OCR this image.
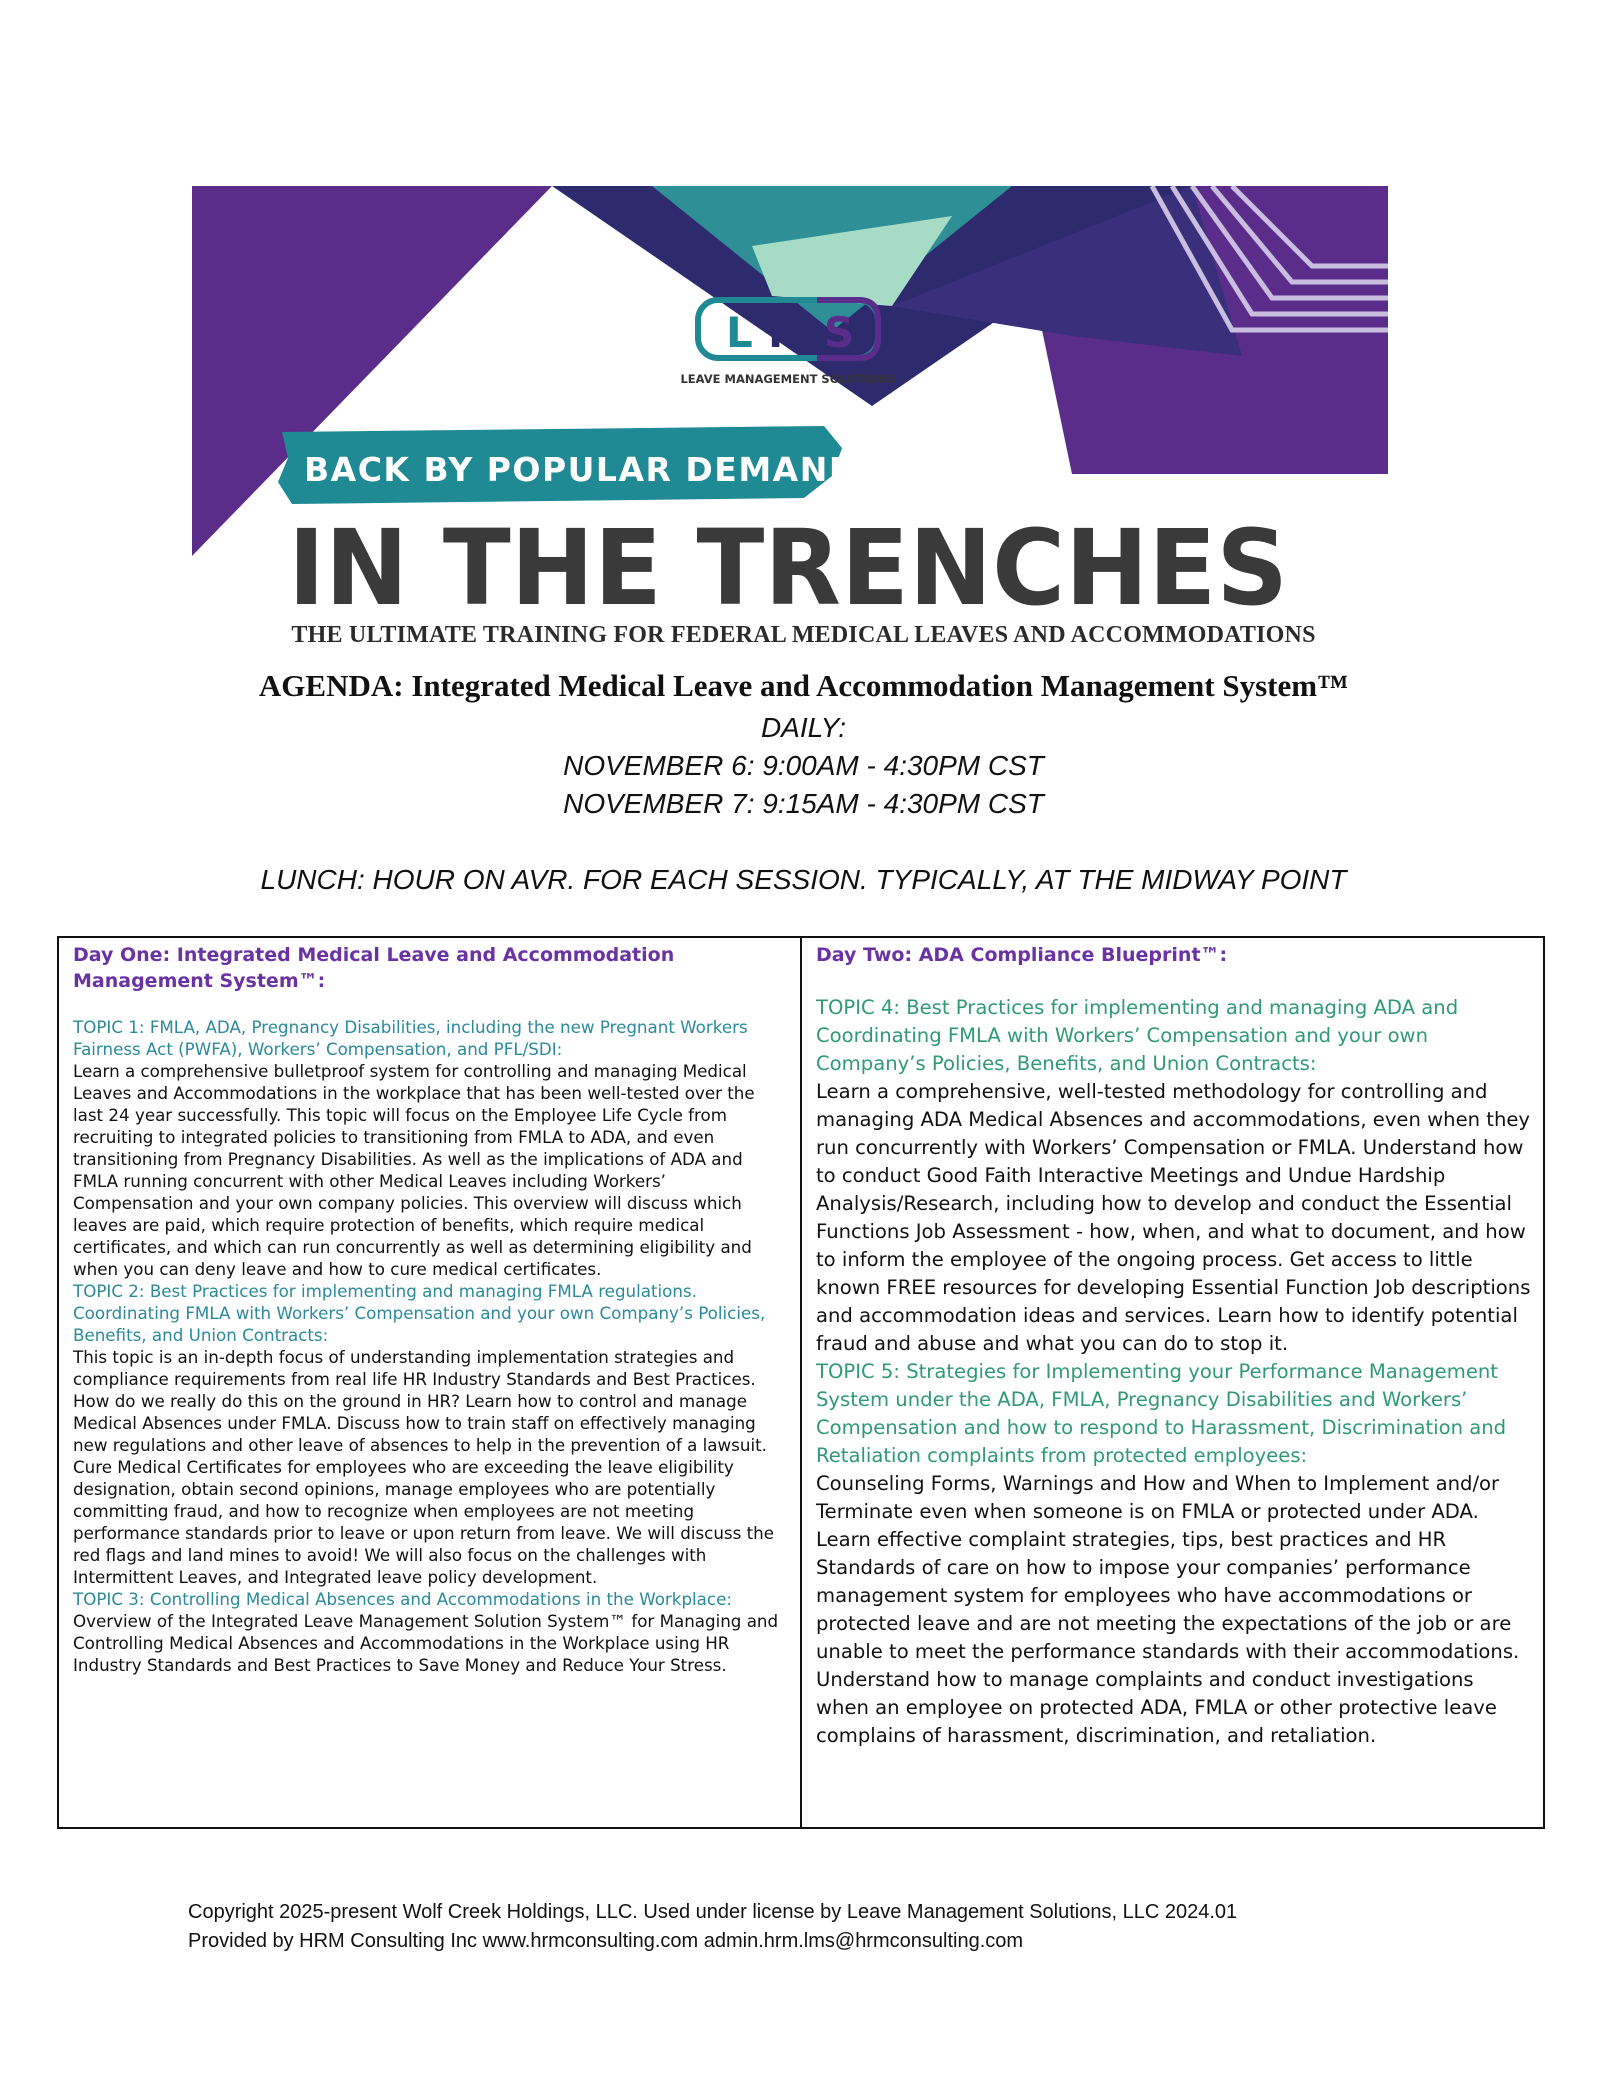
L M S
LEAVE MANAGEMENT SOLUTIONS
BACK BY POPULAR DEMAND:
IN THE TRENCHES
THE ULTIMATE TRAINING FOR FEDERAL MEDICAL LEAVES AND ACCOMMODATIONS
AGENDA: Integrated Medical Leave and Accommodation Management System™
DAILY:
NOVEMBER 6: 9:00AM - 4:30PM CST
NOVEMBER 7: 9:15AM - 4:30PM CST
LUNCH: HOUR ON AVR. FOR EACH SESSION. TYPICALLY, AT THE MIDWAY POINT

Day One: Integrated Medical Leave and Accommodation Management System™:

TOPIC 1: FMLA, ADA, Pregnancy Disabilities, including the new Pregnant Workers Fairness Act (PWFA), Workers’ Compensation, and PFL/SDI:

Learn a comprehensive bulletproof system for controlling and managing Medical Leaves and Accommodations in the workplace that has been well-tested over the last 24 year successfully. This topic will focus on the Employee Life Cycle from recruiting to integrated policies to transitioning from FMLA to ADA, and even transitioning from Pregnancy Disabilities. As well as the implications of ADA and FMLA running concurrent with other Medical Leaves including Workers’ Compensation and your own company policies. This overview will discuss which leaves are paid, which require protection of benefits, which require medical certificates, and which can run concurrently as well as determining eligibility and when you can deny leave and how to cure medical certificates.

TOPIC 2: Best Practices for implementing and managing FMLA regulations. Coordinating FMLA with Workers’ Compensation and your own Company’s Policies, Benefits, and Union Contracts:

This topic is an in-depth focus of understanding implementation strategies and compliance requirements from real life HR Industry Standards and Best Practices. How do we really do this on the ground in HR? Learn how to control and manage Medical Absences under FMLA. Discuss how to train staff on effectively managing new regulations and other leave of absences to help in the prevention of a lawsuit. Cure Medical Certificates for employees who are exceeding the leave eligibility designation, obtain second opinions, manage employees who are potentially committing fraud, and how to recognize when employees are not meeting performance standards prior to leave or upon return from leave. We will discuss the red flags and land mines to avoid! We will also focus on the challenges with Intermittent Leaves, and Integrated leave policy development.

TOPIC 3: Controlling Medical Absences and Accommodations in the Workplace:

Overview of the Integrated Leave Management Solution System™ for Managing and Controlling Medical Absences and Accommodations in the Workplace using HR Industry Standards and Best Practices to Save Money and Reduce Your Stress.

Day Two: ADA Compliance Blueprint™:

TOPIC 4: Best Practices for implementing and managing ADA and Coordinating FMLA with Workers’ Compensation and your own Company’s Policies, Benefits, and Union Contracts:

Learn a comprehensive, well-tested methodology for controlling and managing ADA Medical Absences and accommodations, even when they run concurrently with Workers’ Compensation or FMLA. Understand how to conduct Good Faith Interactive Meetings and Undue Hardship Analysis/Research, including how to develop and conduct the Essential Functions Job Assessment - how, when, and what to document, and how to inform the employee of the ongoing process. Get access to little known FREE resources for developing Essential Function Job descriptions and accommodation ideas and services. Learn how to identify potential fraud and abuse and what you can do to stop it.

TOPIC 5: Strategies for Implementing your Performance Management System under the ADA, FMLA, Pregnancy Disabilities and Workers’ Compensation and how to respond to Harassment, Discrimination and Retaliation complaints from protected employees:

Counseling Forms, Warnings and How and When to Implement and/or Terminate even when someone is on FMLA or protected under ADA. Learn effective complaint strategies, tips, best practices and HR Standards of care on how to impose your companies’ performance management system for employees who have accommodations or protected leave and are not meeting the expectations of the job or are unable to meet the performance standards with their accommodations. Understand how to manage complaints and conduct investigations when an employee on protected ADA, FMLA or other protective leave complains of harassment, discrimination, and retaliation.

Copyright 2025-present Wolf Creek Holdings, LLC. Used under license by Leave Management Solutions, LLC 2024.01
Provided by HRM Consulting Inc www.hrmconsulting.com admin.hrm.lms@hrmconsulting.com
